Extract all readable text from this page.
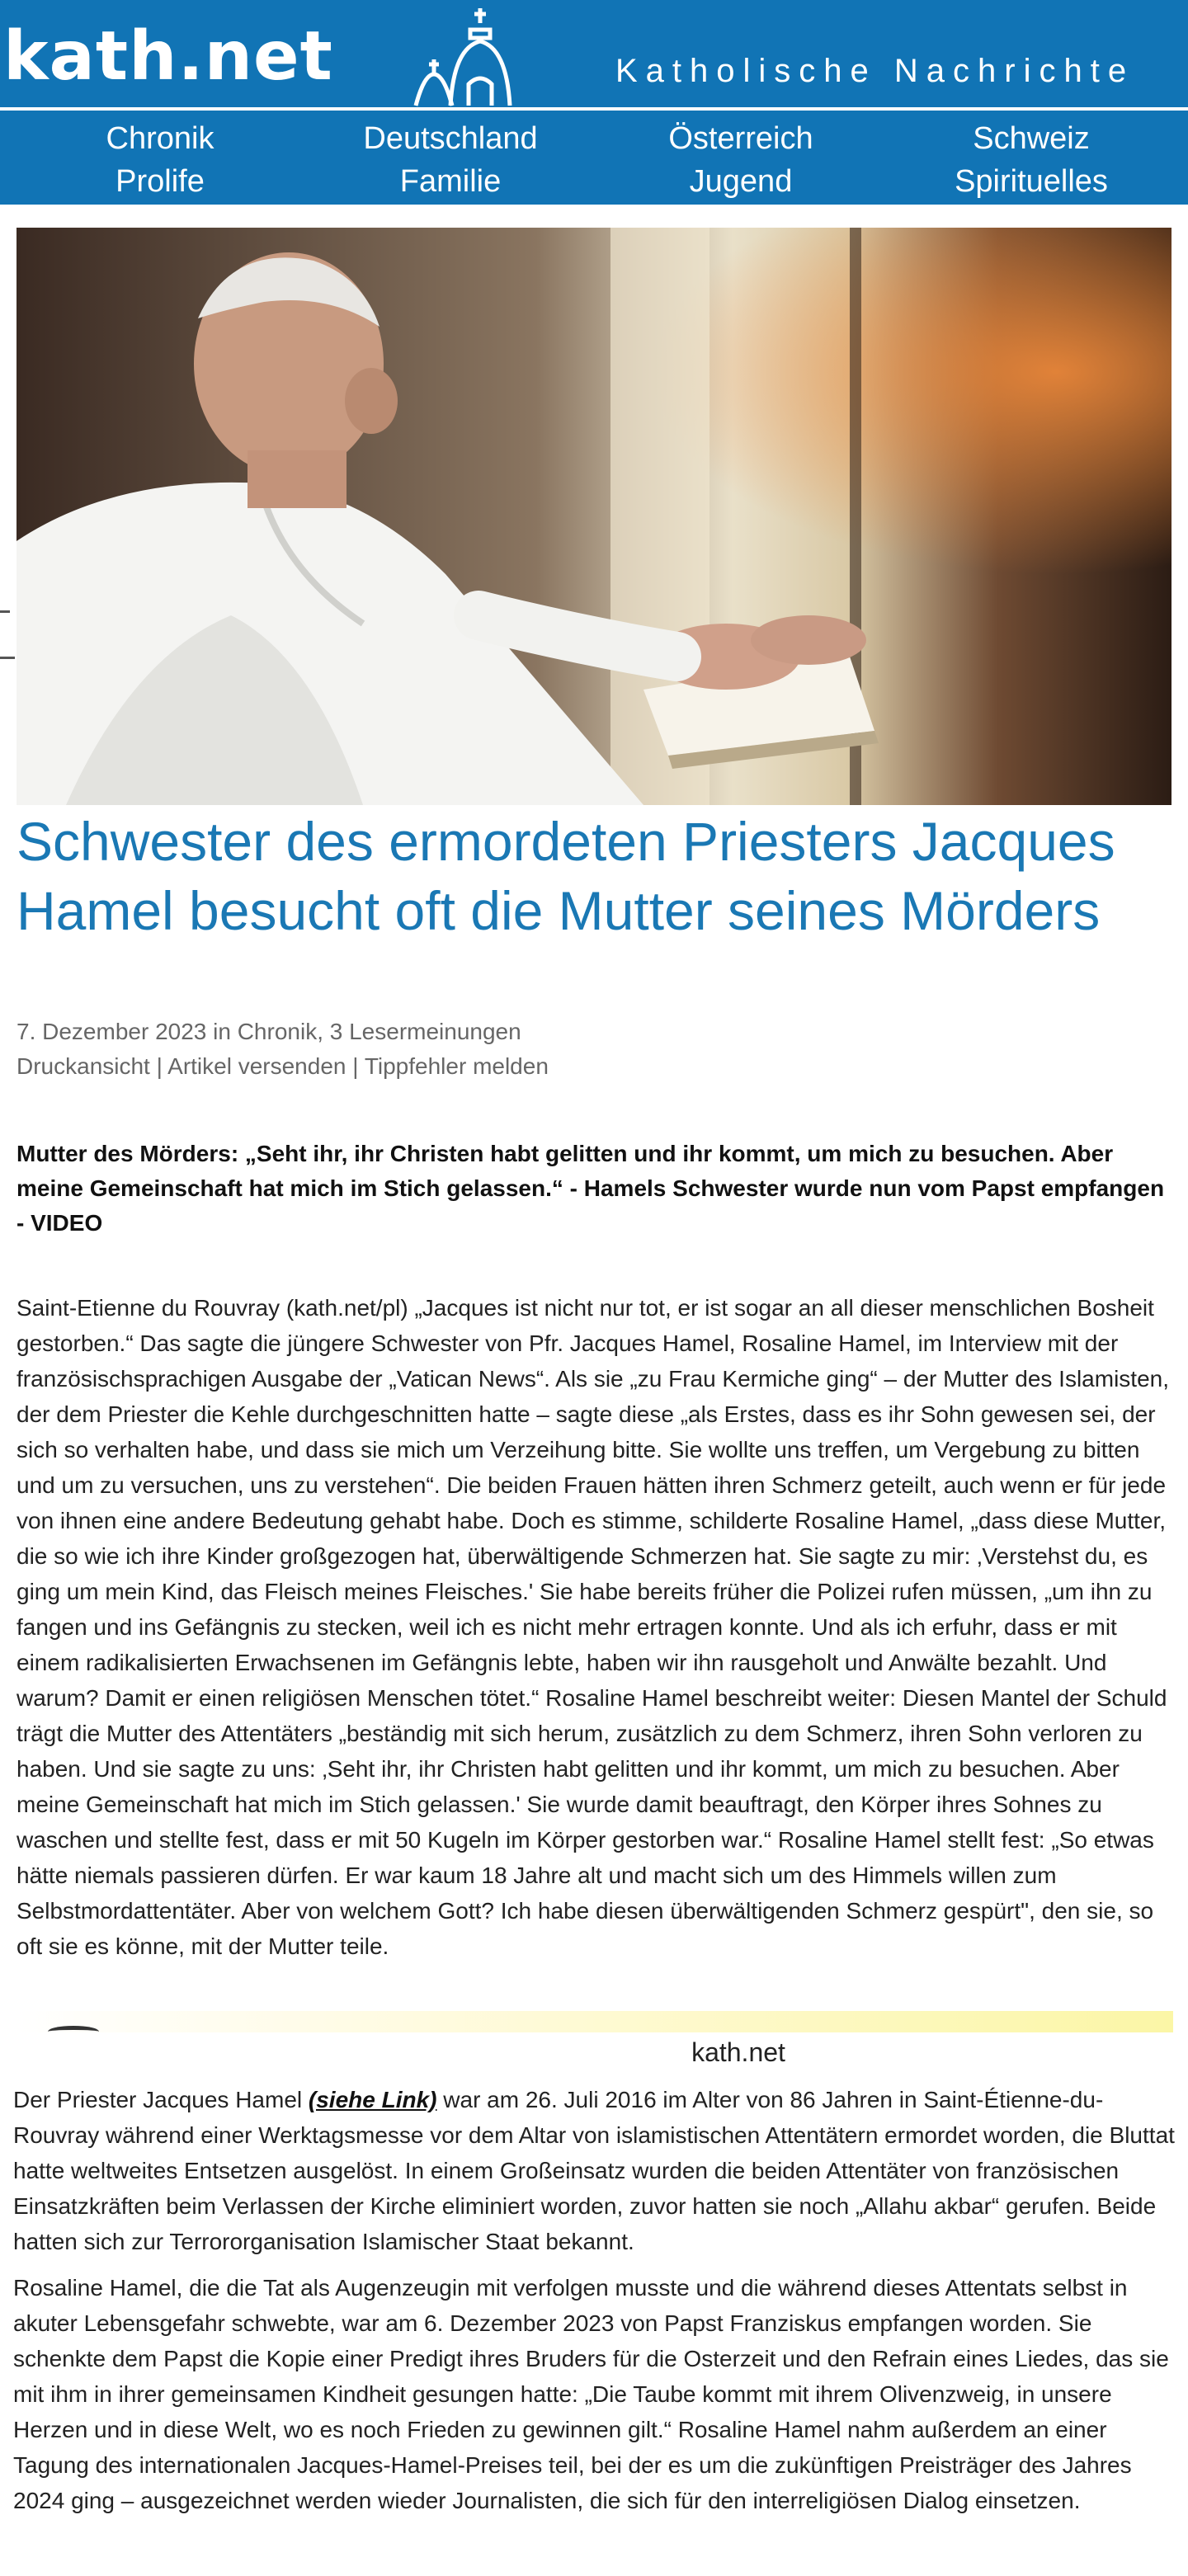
kath.net	Katholische Nachrichte
Chronik
Prolife
Deutschland
Familie
Österreich
Jugend
Schweiz
Spirituelles
Schwester des ermordeten Priesters Jacques Hamel besucht oft die Mutter seines Mörders
7. Dezember 2023 in Chronik, 3 Lesermeinungen
Druckansicht | Artikel versenden | Tippfehler melden

Mutter des Mörders: „Seht ihr, ihr Christen habt gelitten und ihr kommt, um mich zu besuchen. Aber meine Gemeinschaft hat mich im Stich gelassen.“ - Hamels Schwester wurde nun vom Papst empfangen - VIDEO

Saint-Etienne du Rouvray (kath.net/pl) „Jacques ist nicht nur tot, er ist sogar an all dieser menschlichen Bosheit gestorben.“ Das sagte die jüngere Schwester von Pfr. Jacques Hamel, Rosaline Hamel, im Interview mit der französischsprachigen Ausgabe der „Vatican News“. Als sie „zu Frau Kermiche ging“ – der Mutter des Islamisten, der dem Priester die Kehle durchgeschnitten hatte – sagte diese „als Erstes, dass es ihr Sohn gewesen sei, der sich so verhalten habe, und dass sie mich um Verzeihung bitte. Sie wollte uns treffen, um Vergebung zu bitten und um zu versuchen, uns zu verstehen“. Die beiden Frauen hätten ihren Schmerz geteilt, auch wenn er für jede von ihnen eine andere Bedeutung gehabt habe. Doch es stimme, schilderte Rosaline Hamel, „dass diese Mutter, die so wie ich ihre Kinder großgezogen hat, überwältigende Schmerzen hat. Sie sagte zu mir: ‚Verstehst du, es ging um mein Kind, das Fleisch meines Fleisches.' Sie habe bereits früher die Polizei rufen müssen, „um ihn zu fangen und ins Gefängnis zu stecken, weil ich es nicht mehr ertragen konnte. Und als ich erfuhr, dass er mit einem radikalisierten Erwachsenen im Gefängnis lebte, haben wir ihn rausgeholt und Anwälte bezahlt. Und warum? Damit er einen religiösen Menschen tötet.“ Rosaline Hamel beschreibt weiter: Diesen Mantel der Schuld trägt die Mutter des Attentäters „beständig mit sich herum, zusätzlich zu dem Schmerz, ihren Sohn verloren zu haben. Und sie sagte zu uns: ‚Seht ihr, ihr Christen habt gelitten und ihr kommt, um mich zu besuchen. Aber meine Gemeinschaft hat mich im Stich gelassen.' Sie wurde damit beauftragt, den Körper ihres Sohnes zu waschen und stellte fest, dass er mit 50 Kugeln im Körper gestorben war.“ Rosaline Hamel stellt fest: „So etwas hätte niemals passieren dürfen. Er war kaum 18 Jahre alt und macht sich um des Himmels willen zum Selbstmordattentäter. Aber von welchem Gott? Ich habe diesen überwältigenden Schmerz gespürt", den sie, so oft sie es könne, mit der Mutter teile.

kath.net

Der Priester Jacques Hamel (siehe Link) war am 26. Juli 2016 im Alter von 86 Jahren in Saint-Étienne-du-Rouvray während einer Werktagsmesse vor dem Altar von islamistischen Attentätern ermordet worden, die Bluttat hatte weltweites Entsetzen ausgelöst. In einem Großeinsatz wurden die beiden Attentäter von französischen Einsatzkräften beim Verlassen der Kirche eliminiert worden, zuvor hatten sie noch „Allahu akbar“ gerufen. Beide hatten sich zur Terrororganisation Islamischer Staat bekannt.

Rosaline Hamel, die die Tat als Augenzeugin mit verfolgen musste und die während dieses Attentats selbst in akuter Lebensgefahr schwebte, war am 6. Dezember 2023 von Papst Franziskus empfangen worden. Sie schenkte dem Papst die Kopie einer Predigt ihres Bruders für die Osterzeit und den Refrain eines Liedes, das sie mit ihm in ihrer gemeinsamen Kindheit gesungen hatte: „Die Taube kommt mit ihrem Olivenzweig, in unsere Herzen und in diese Welt, wo es noch Frieden zu gewinnen gilt.“ Rosaline Hamel nahm außerdem an einer Tagung des internationalen Jacques-Hamel-Preises teil, bei der es um die zukünftigen Preisträger des Jahres 2024 ging – ausgezeichnet werden wieder Journalisten, die sich für den interreligiösen Dialog einsetzen.
